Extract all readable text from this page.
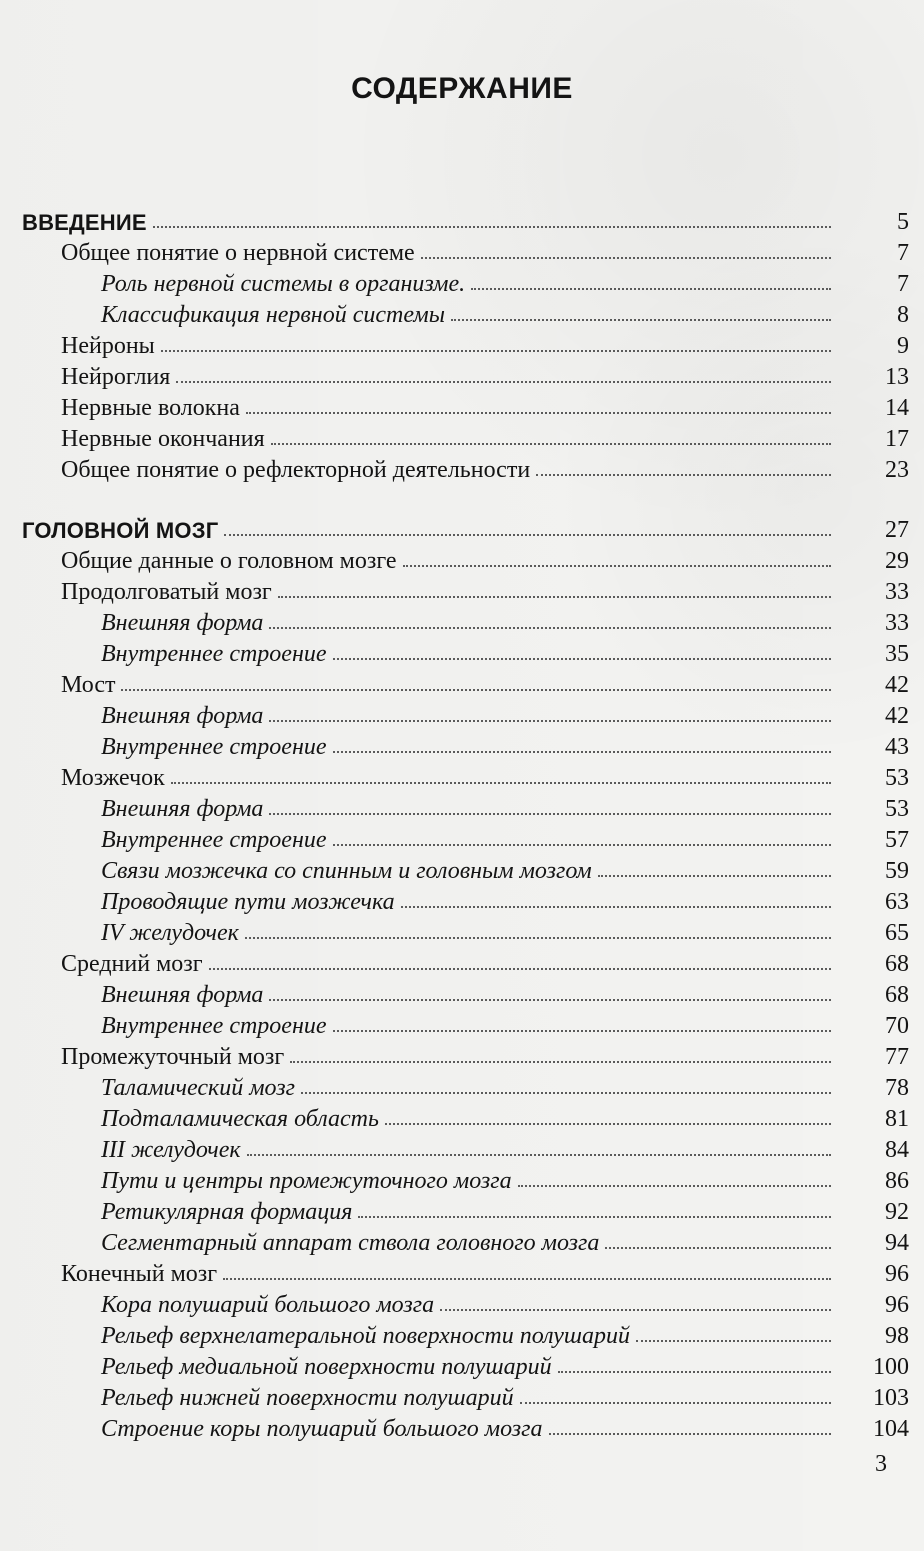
СОДЕРЖАНИЕ
ВВЕДЕНИЕ	5
Общее понятие о нервной системе	7
Роль нервной системы в организме.	7
Классификация нервной системы	8
Нейроны	9
Нейроглия	13
Нервные волокна	14
Нервные окончания	17
Общее понятие о рефлекторной деятельности	23
ГОЛОВНОЙ МОЗГ	27
Общие данные о головном мозге	29
Продолговатый мозг	33
Внешняя форма	33
Внутреннее строение	35
Мост	42
Внешняя форма	42
Внутреннее строение	43
Мозжечок	53
Внешняя форма	53
Внутреннее строение	57
Связи мозжечка со спинным и головным мозгом	59
Проводящие пути мозжечка	63
IV желудочек	65
Средний мозг	68
Внешняя форма	68
Внутреннее строение	70
Промежуточный мозг	77
Таламический мозг	78
Подталамическая область	81
III желудочек	84
Пути и центры промежуточного мозга	86
Ретикулярная формация	92
Сегментарный аппарат ствола головного мозга	94
Конечный мозг	96
Кора полушарий большого мозга	96
Рельеф верхнелатеральной поверхности полушарий	98
Рельеф медиальной поверхности полушарий	100
Рельеф нижней поверхности полушарий	103
Строение коры полушарий большого мозга	104
3
